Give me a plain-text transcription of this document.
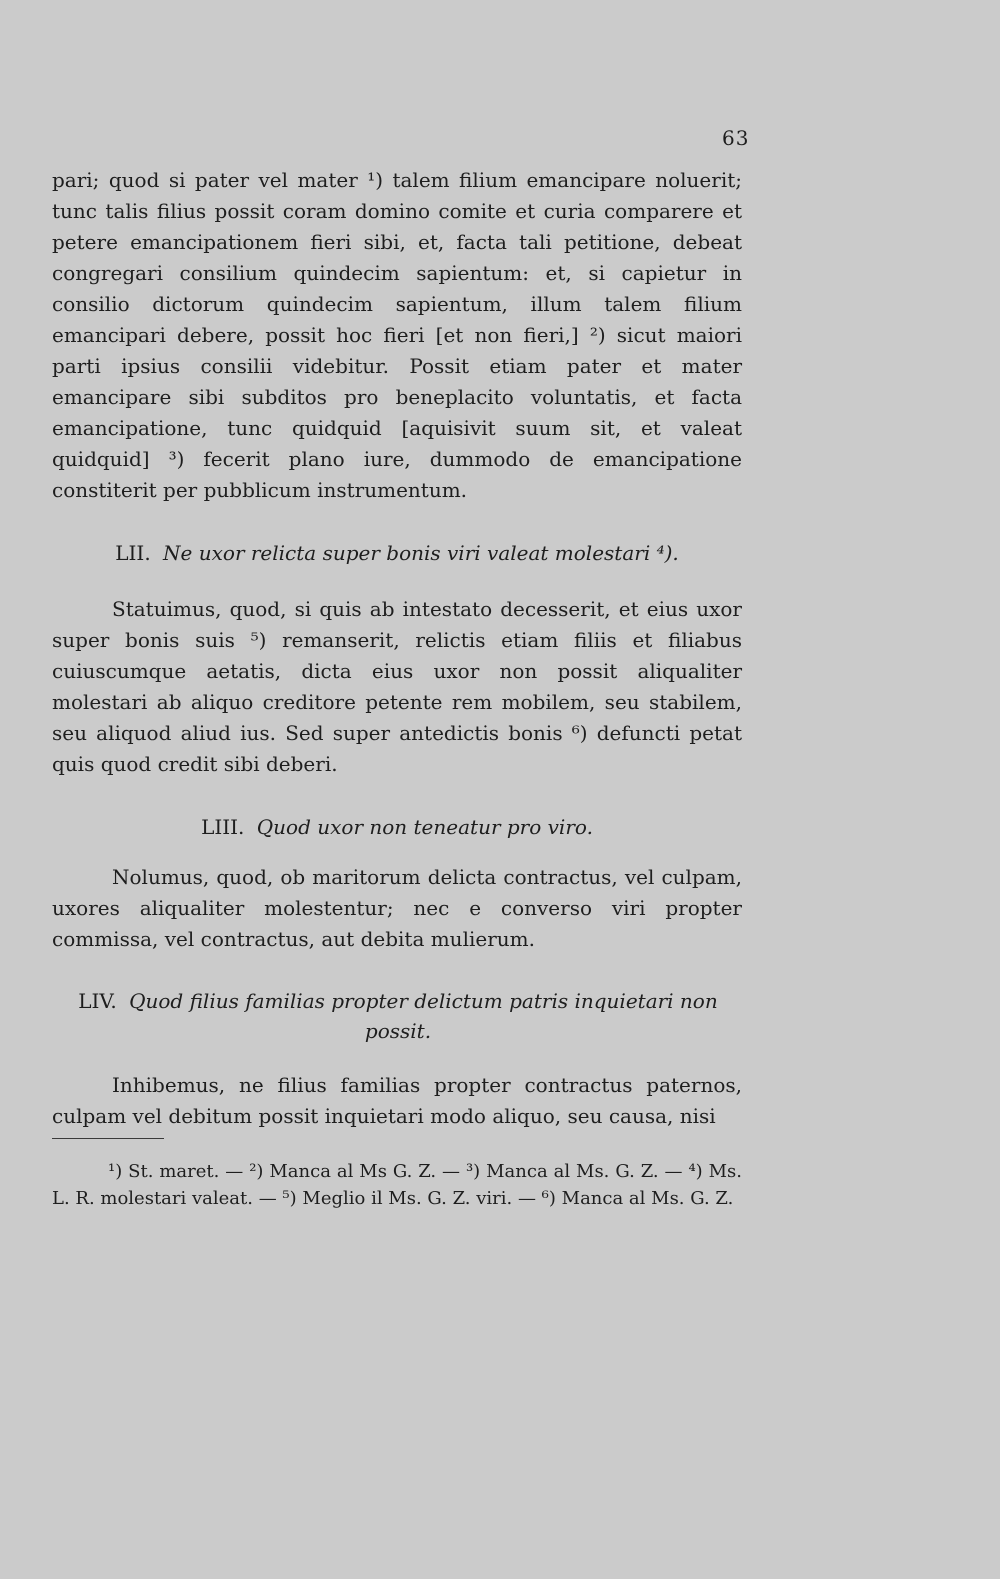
63

pari; quod si pater vel mater ¹) talem filium emancipare noluerit; tunc talis filius possit coram domino comite et curia comparere et petere emancipationem fieri sibi, et, facta tali petitione, debeat congregari consilium quindecim sapientum: et, si capietur in consilio dictorum quindecim sapientum, illum talem filium emancipari debere, possit hoc fieri [et non fieri,] ²) sicut maiori parti ipsius consilii videbitur. Possit etiam pater et mater emancipare sibi subditos pro beneplacito voluntatis, et facta emancipatione, tunc quidquid [aquisivit suum sit, et valeat quidquid] ³) fecerit plano iure, dummodo de emancipatione constiterit per pubblicum instrumentum.

LII. Ne uxor relicta super bonis viri valeat molestari ⁴).

Statuimus, quod, si quis ab intestato decesserit, et eius uxor super bonis suis ⁵) remanserit, relictis etiam filiis et filiabus cuiuscumque aetatis, dicta eius uxor non possit aliqualiter molestari ab aliquo creditore petente rem mobilem, seu stabilem, seu aliquod aliud ius. Sed super antedictis bonis ⁶) defuncti petat quis quod credit sibi deberi.

LIII. Quod uxor non teneatur pro viro.

Nolumus, quod, ob maritorum delicta contractus, vel culpam, uxores aliqualiter molestentur; nec e converso viri propter commissa, vel contractus, aut debita mulierum.

LIV. Quod filius familias propter delictum patris inquietari non possit.

Inhibemus, ne filius familias propter contractus paternos, culpam vel debitum possit inquietari modo aliquo, seu causa, nisi

¹) St. maret. — ²) Manca al Ms G. Z. — ³) Manca al Ms. G. Z. — ⁴) Ms. L. R. molestari valeat. — ⁵) Meglio il Ms. G. Z. viri. — ⁶) Manca al Ms. G. Z.
